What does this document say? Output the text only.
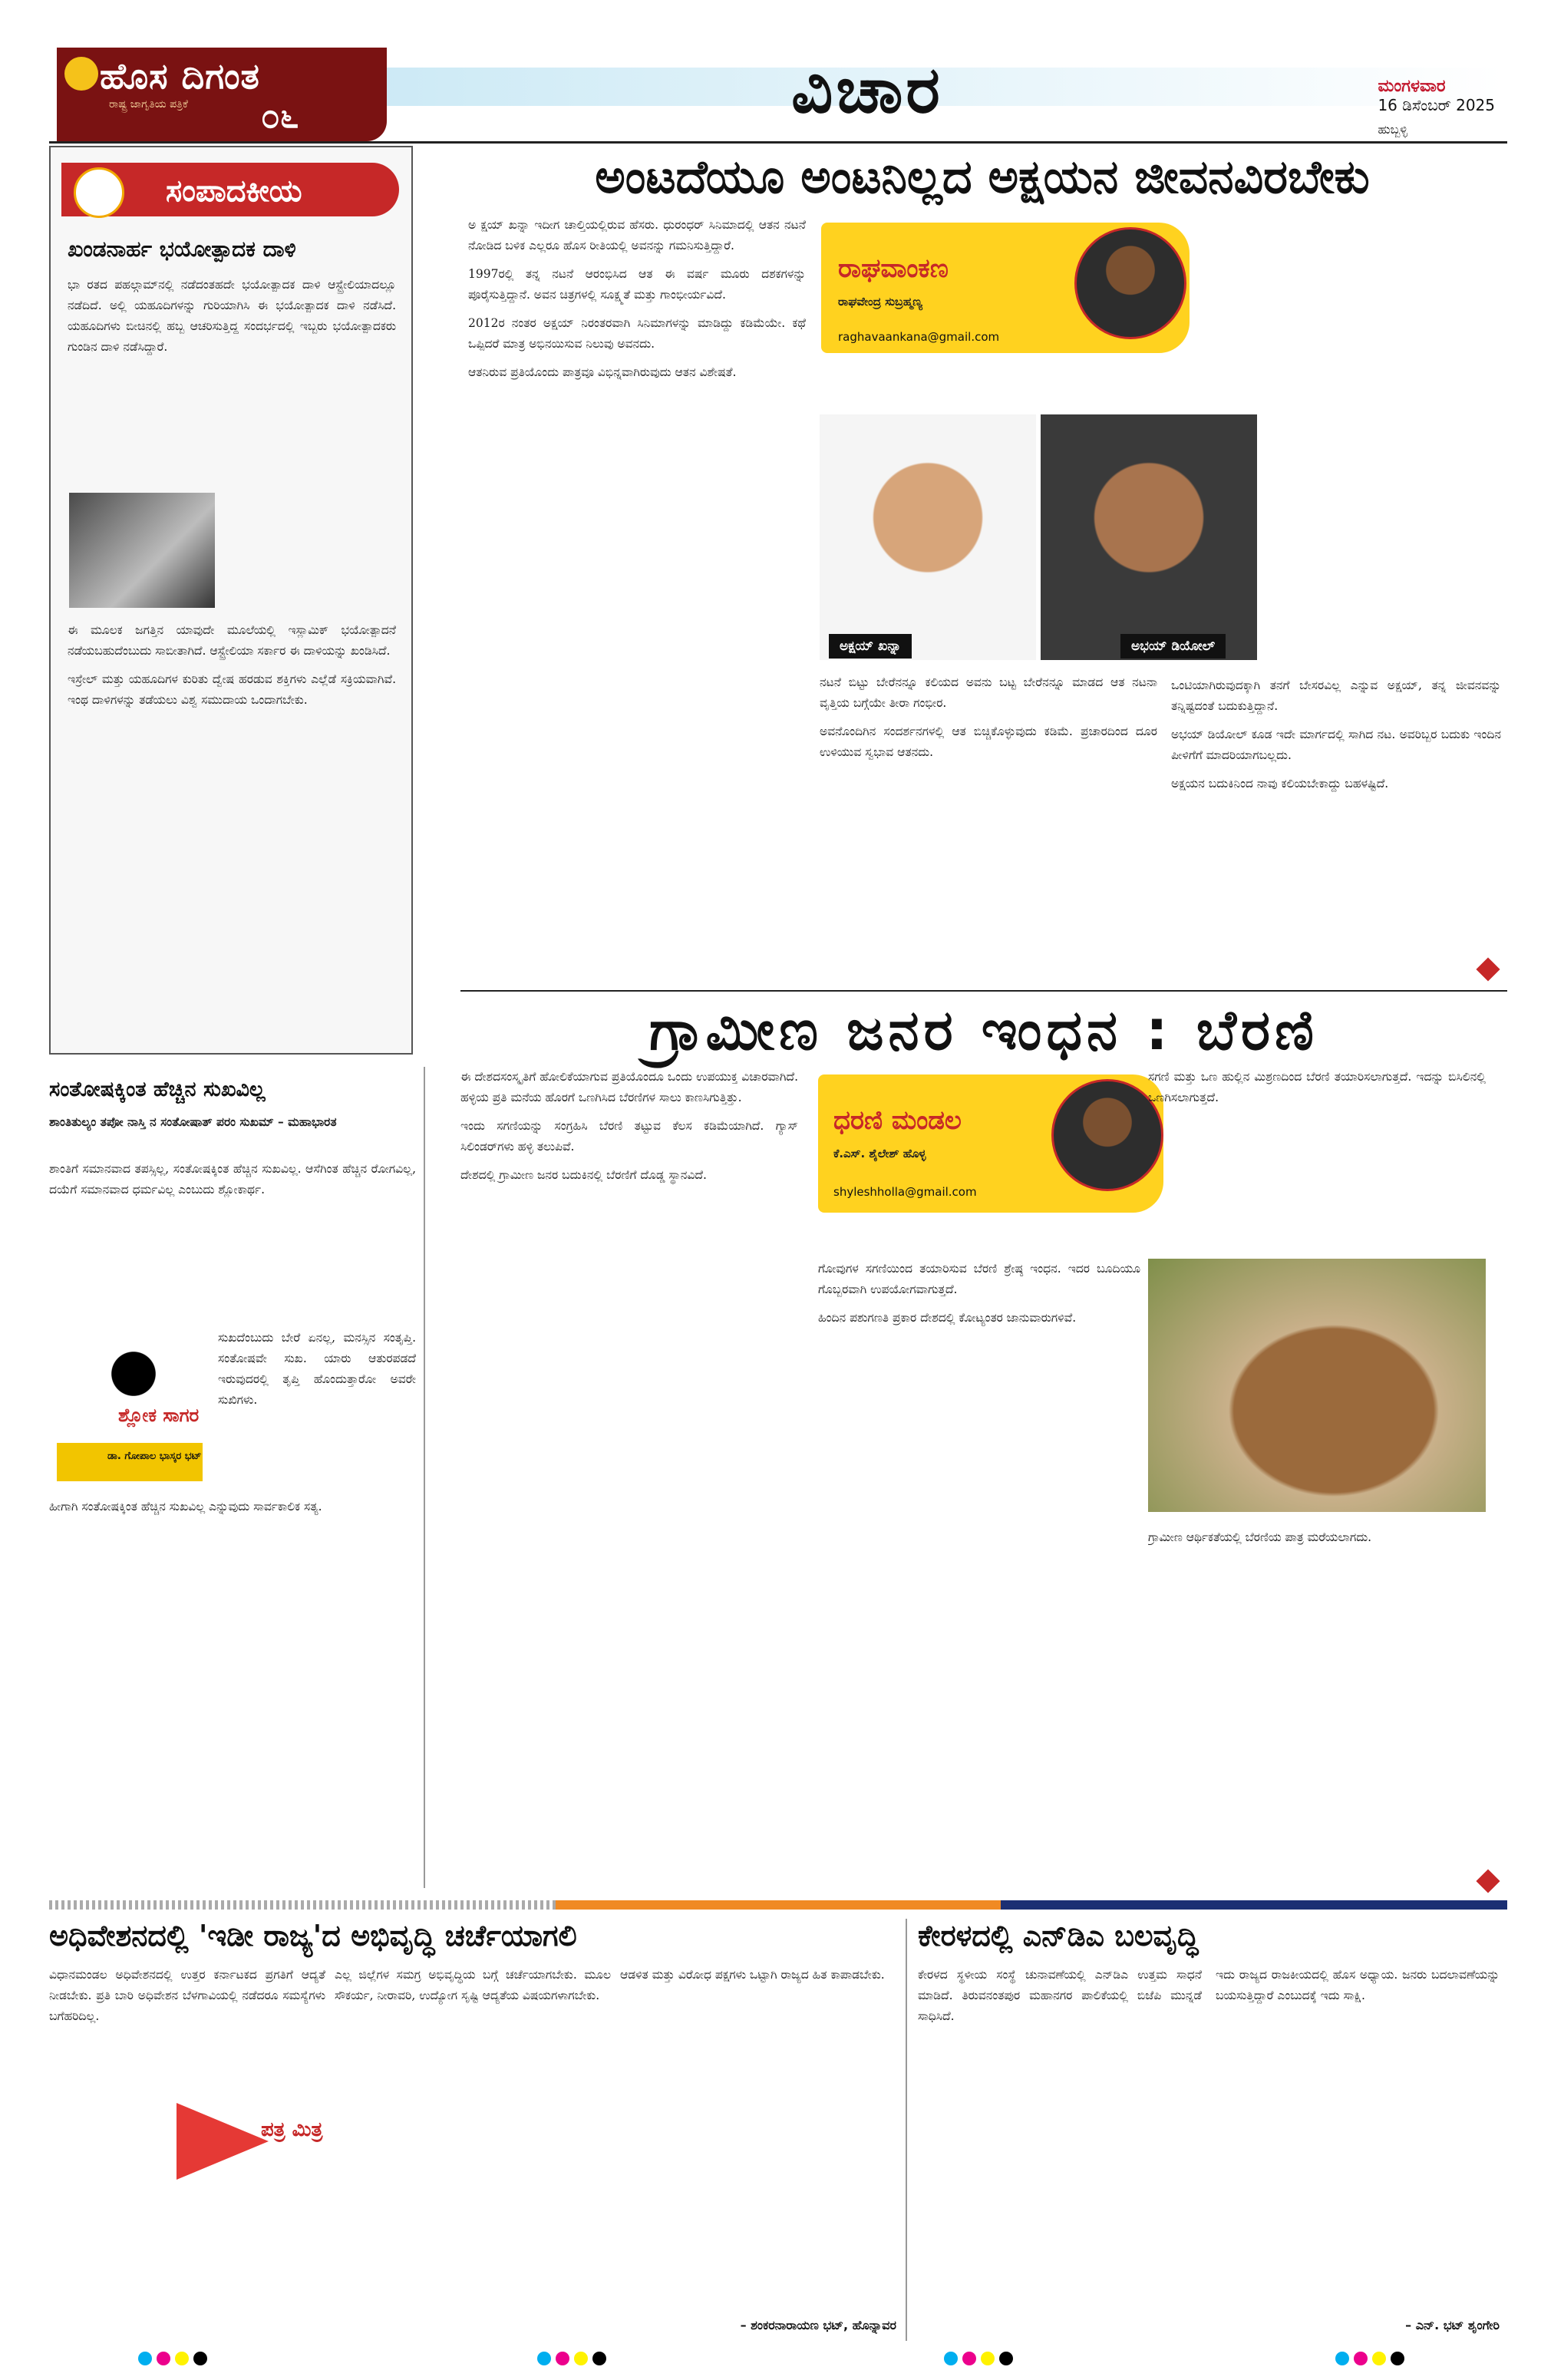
ಹೊಸ ದಿಗಂತ
ರಾಷ್ಟ್ರ ಜಾಗೃತಿಯ ಪತ್ರಿಕೆ ೦೬	ವಿಚಾರ	ಮಂಗಳವಾರ
16 ಡಿಸೆಂಬರ್ 2025
ಹುಬ್ಬಳ್ಳಿ
ಸಂಪಾದಕೀಯ
ಖಂಡನಾರ್ಹ ಭಯೋತ್ಪಾದಕ ದಾಳಿ

ಭಾ ರತದ ಪಹಲ್ಗಾಮ್‌ನಲ್ಲಿ ನಡೆದಂತಹದೇ ಭಯೋತ್ಪಾದಕ ದಾಳಿ ಆಸ್ಟ್ರೇಲಿಯಾದಲ್ಲೂ ನಡೆದಿದೆ. ಅಲ್ಲಿ ಯಹೂದಿಗಳನ್ನು ಗುರಿಯಾಗಿಸಿ ಈ ಭಯೋತ್ಪಾದಕ ದಾಳಿ ನಡೆಸಿದೆ. ಯಹೂದಿಗಳು ಬೀಚಿನಲ್ಲಿ ಹಬ್ಬ ಆಚರಿಸುತ್ತಿದ್ದ ಸಂದರ್ಭದಲ್ಲಿ ಇಬ್ಬರು ಭಯೋತ್ಪಾದಕರು ಗುಂಡಿನ ದಾಳಿ ನಡೆಸಿದ್ದಾರೆ.

ಈ ಮೂಲಕ ಜಗತ್ತಿನ ಯಾವುದೇ ಮೂಲೆಯಲ್ಲಿ ಇಸ್ಲಾಮಿಕ್ ಭಯೋತ್ಪಾದನೆ ನಡೆಯಬಹುದೆಂಬುದು ಸಾಬೀತಾಗಿದೆ. ಆಸ್ಟ್ರೇಲಿಯಾ ಸರ್ಕಾರ ಈ ದಾಳಿಯನ್ನು ಖಂಡಿಸಿದೆ.

ಇಸ್ರೇಲ್ ಮತ್ತು ಯಹೂದಿಗಳ ಕುರಿತು ದ್ವೇಷ ಹರಡುವ ಶಕ್ತಿಗಳು ಎಲ್ಲೆಡೆ ಸಕ್ರಿಯವಾಗಿವೆ. ಇಂಥ ದಾಳಿಗಳನ್ನು ತಡೆಯಲು ವಿಶ್ವ ಸಮುದಾಯ ಒಂದಾಗಬೇಕು.

ಅಂಟದೆಯೂ ಅಂಟನಿಲ್ಲದ ಅಕ್ಷಯನ ಜೀವನವಿರಬೇಕು

ಅ ಕ್ಷಯ್ ಖನ್ನಾ ಇದೀಗ ಚಾಲ್ತಿಯಲ್ಲಿರುವ ಹೆಸರು. ಧುರಂಧರ್ ಸಿನಿಮಾದಲ್ಲಿ ಆತನ ನಟನೆ ನೋಡಿದ ಬಳಿಕ ಎಲ್ಲರೂ ಹೊಸ ರೀತಿಯಲ್ಲಿ ಅವನನ್ನು ಗಮನಿಸುತ್ತಿದ್ದಾರೆ.

1997ರಲ್ಲಿ ತನ್ನ ನಟನೆ ಆರಂಭಿಸಿದ ಆತ ಈ ವರ್ಷ ಮೂರು ದಶಕಗಳನ್ನು ಪೂರೈಸುತ್ತಿದ್ದಾನೆ. ಅವನ ಚಿತ್ರಗಳಲ್ಲಿ ಸೂಕ್ಷ್ಮತೆ ಮತ್ತು ಗಾಂಭೀರ್ಯವಿದೆ.

2012ರ ನಂತರ ಅಕ್ಷಯ್ ನಿರಂತರವಾಗಿ ಸಿನಿಮಾಗಳನ್ನು ಮಾಡಿದ್ದು ಕಡಿಮೆಯೇ. ಕಥೆ ಒಪ್ಪಿದರೆ ಮಾತ್ರ ಅಭಿನಯಿಸುವ ನಿಲುವು ಅವನದು.

ಆತನಿರುವ ಪ್ರತಿಯೊಂದು ಪಾತ್ರವೂ ವಿಭಿನ್ನವಾಗಿರುವುದು ಆತನ ವಿಶೇಷತೆ.

ರಾಘವಾಂಕಣ
ರಾಘವೇಂದ್ರ ಸುಬ್ರಹ್ಮಣ್ಯ
raghavaankana@gmail.com
ಅಕ್ಷಯ್ ಖನ್ನಾ	ಅಭಯ್ ಡಿಯೋಲ್

ನಟನೆ ಬಿಟ್ಟು ಬೇರೆನನ್ನೂ ಕಲಿಯದ ಅವನು ಬಟ್ಟ ಬೇರೆನನ್ನೂ ಮಾಡದ ಆತ ನಟನಾ ವೃತ್ತಿಯ ಬಗ್ಗೆಯೇ ತೀರಾ ಗಂಭೀರ.

ಅವನೊಂದಿಗಿನ ಸಂದರ್ಶನಗಳಲ್ಲಿ ಆತ ಬಿಚ್ಚಿಕೊಳ್ಳುವುದು ಕಡಿಮೆ. ಪ್ರಚಾರದಿಂದ ದೂರ ಉಳಿಯುವ ಸ್ವಭಾವ ಆತನದು.

ಒಂಟಿಯಾಗಿರುವುದಕ್ಕಾಗಿ ತನಗೆ ಬೇಸರವಿಲ್ಲ ಎನ್ನುವ ಅಕ್ಷಯ್, ತನ್ನ ಜೀವನವನ್ನು ತನ್ನಿಷ್ಟದಂತೆ ಬದುಕುತ್ತಿದ್ದಾನೆ.

ಅಭಯ್ ಡಿಯೋಲ್ ಕೂಡ ಇದೇ ಮಾರ್ಗದಲ್ಲಿ ಸಾಗಿದ ನಟ. ಅವರಿಬ್ಬರ ಬದುಕು ಇಂದಿನ ಪೀಳಿಗೆಗೆ ಮಾದರಿಯಾಗಬಲ್ಲದು.

ಅಕ್ಷಯನ ಬದುಕಿನಿಂದ ನಾವು ಕಲಿಯಬೇಕಾದ್ದು ಬಹಳಷ್ಟಿದೆ.

ಸಂತೋಷಕ್ಕಿಂತ ಹೆಚ್ಚಿನ ಸುಖವಿಲ್ಲ
ಶಾಂತಿತುಲ್ಯಂ ತಪೋ ನಾಸ್ತಿ ನ ಸಂತೋಷಾತ್ ಪರಂ ಸುಖಮ್ – ಮಹಾಭಾರತ
ಶ್ಲೋಕ ಸಾಗರ
ಡಾ. ಗೋಪಾಲ ಭಾಸ್ಕರ ಭಟ್

ಶಾಂತಿಗೆ ಸಮಾನವಾದ ತಪಸ್ಸಿಲ್ಲ, ಸಂತೋಷಕ್ಕಿಂತ ಹೆಚ್ಚಿನ ಸುಖವಿಲ್ಲ. ಆಸೆಗಿಂತ ಹೆಚ್ಚಿನ ರೋಗವಿಲ್ಲ, ದಯೆಗೆ ಸಮಾನವಾದ ಧರ್ಮವಿಲ್ಲ ಎಂಬುದು ಶ್ಲೋಕಾರ್ಥ.

ಸುಖದೆಂಬುದು ಬೇರೆ ಏನಲ್ಲ, ಮನಸ್ಸಿನ ಸಂತೃಪ್ತಿ. ಸಂತೋಷವೇ ಸುಖ. ಯಾರು ಆತುರಪಡದೆ ಇರುವುದರಲ್ಲಿ ತೃಪ್ತಿ ಹೊಂದುತ್ತಾರೋ ಅವರೇ ಸುಖಿಗಳು.

ಹೀಗಾಗಿ ಸಂತೋಷಕ್ಕಿಂತ ಹೆಚ್ಚಿನ ಸುಖವಿಲ್ಲ ಎನ್ನುವುದು ಸಾರ್ವಕಾಲಿಕ ಸತ್ಯ.

ಗ್ರಾಮೀಣ ಜನರ ಇಂಧನ : ಬೆರಣಿ

ಈ ದೇಶದಸಂಸ್ಕೃತಿಗೆ ಹೋಲಿಕೆಯಾಗುವ ಪ್ರತಿಯೊಂದೂ ಒಂದು ಉಪಯುಕ್ತ ವಿಚಾರವಾಗಿದೆ. ಹಳ್ಳಿಯ ಪ್ರತಿ ಮನೆಯ ಹೊರಗೆ ಒಣಗಿಸಿದ ಬೆರಣಿಗಳ ಸಾಲು ಕಾಣಸಿಗುತ್ತಿತ್ತು.

ಇಂದು ಸಗಣಿಯನ್ನು ಸಂಗ್ರಹಿಸಿ ಬೆರಣಿ ತಟ್ಟುವ ಕೆಲಸ ಕಡಿಮೆಯಾಗಿದೆ. ಗ್ಯಾಸ್ ಸಿಲಿಂಡರ್‌ಗಳು ಹಳ್ಳಿ ತಲುಪಿವೆ.

ದೇಶದಲ್ಲಿ ಗ್ರಾಮೀಣ ಜನರ ಬದುಕಿನಲ್ಲಿ ಬೆರಣಿಗೆ ದೊಡ್ಡ ಸ್ಥಾನವಿದೆ.

ಧರಣಿ ಮಂಡಲ
ಕೆ.ಎಸ್. ಶೈಲೇಶ್ ಹೊಳ್ಳ
shyleshholla@gmail.com

ಗೋವುಗಳ ಸಗಣಿಯಿಂದ ತಯಾರಿಸುವ ಬೆರಣಿ ಶ್ರೇಷ್ಠ ಇಂಧನ. ಇದರ ಬೂದಿಯೂ ಗೊಬ್ಬರವಾಗಿ ಉಪಯೋಗವಾಗುತ್ತದೆ.

ಹಿಂದಿನ ಪಶುಗಣತಿ ಪ್ರಕಾರ ದೇಶದಲ್ಲಿ ಕೋಟ್ಯಂತರ ಜಾನುವಾರುಗಳಿವೆ.

ಸಗಣಿ ಮತ್ತು ಒಣ ಹುಲ್ಲಿನ ಮಿಶ್ರಣದಿಂದ ಬೆರಣಿ ತಯಾರಿಸಲಾಗುತ್ತದೆ. ಇದನ್ನು ಬಿಸಿಲಿನಲ್ಲಿ ಒಣಗಿಸಲಾಗುತ್ತದೆ.

ಗ್ರಾಮೀಣ ಆರ್ಥಿಕತೆಯಲ್ಲಿ ಬೆರಣಿಯ ಪಾತ್ರ ಮರೆಯಲಾಗದು.

ಅಧಿವೇಶನದಲ್ಲಿ 'ಇಡೀ ರಾಜ್ಯ'ದ ಅಭಿವೃದ್ಧಿ ಚರ್ಚೆಯಾಗಲಿ

ವಿಧಾನಮಂಡಲ ಅಧಿವೇಶನದಲ್ಲಿ ಉತ್ತರ ಕರ್ನಾಟಕದ ಪ್ರಗತಿಗೆ ಆದ್ಯತೆ ನೀಡಬೇಕು. ಪ್ರತಿ ಬಾರಿ ಅಧಿವೇಶನ ಬೆಳಗಾವಿಯಲ್ಲಿ ನಡೆದರೂ ಸಮಸ್ಯೆಗಳು ಬಗೆಹರಿದಿಲ್ಲ.

ಪತ್ರ ಮಿತ್ರ

ಎಲ್ಲ ಜಿಲ್ಲೆಗಳ ಸಮಗ್ರ ಅಭಿವೃದ್ಧಿಯ ಬಗ್ಗೆ ಚರ್ಚೆಯಾಗಬೇಕು. ಮೂಲ ಸೌಕರ್ಯ, ನೀರಾವರಿ, ಉದ್ಯೋಗ ಸೃಷ್ಟಿ ಆದ್ಯತೆಯ ವಿಷಯಗಳಾಗಬೇಕು.

ಆಡಳಿತ ಮತ್ತು ವಿರೋಧ ಪಕ್ಷಗಳು ಒಟ್ಟಾಗಿ ರಾಜ್ಯದ ಹಿತ ಕಾಪಾಡಬೇಕು.

– ಶಂಕರನಾರಾಯಣ ಭಟ್, ಹೊನ್ನಾವರ
ಕೇರಳದಲ್ಲಿ ಎನ್‌ಡಿಎ ಬಲವೃದ್ಧಿ

ಕೇರಳದ ಸ್ಥಳೀಯ ಸಂಸ್ಥೆ ಚುನಾವಣೆಯಲ್ಲಿ ಎನ್‌ಡಿಎ ಉತ್ತಮ ಸಾಧನೆ ಮಾಡಿದೆ. ತಿರುವನಂತಪುರ ಮಹಾನಗರ ಪಾಲಿಕೆಯಲ್ಲಿ ಬಿಜೆಪಿ ಮುನ್ನಡೆ ಸಾಧಿಸಿದೆ.

ಇದು ರಾಜ್ಯದ ರಾಜಕೀಯದಲ್ಲಿ ಹೊಸ ಅಧ್ಯಾಯ. ಜನರು ಬದಲಾವಣೆಯನ್ನು ಬಯಸುತ್ತಿದ್ದಾರೆ ಎಂಬುದಕ್ಕೆ ಇದು ಸಾಕ್ಷಿ.

– ಎನ್. ಭಟ್ ಶೃಂಗೇರಿ
